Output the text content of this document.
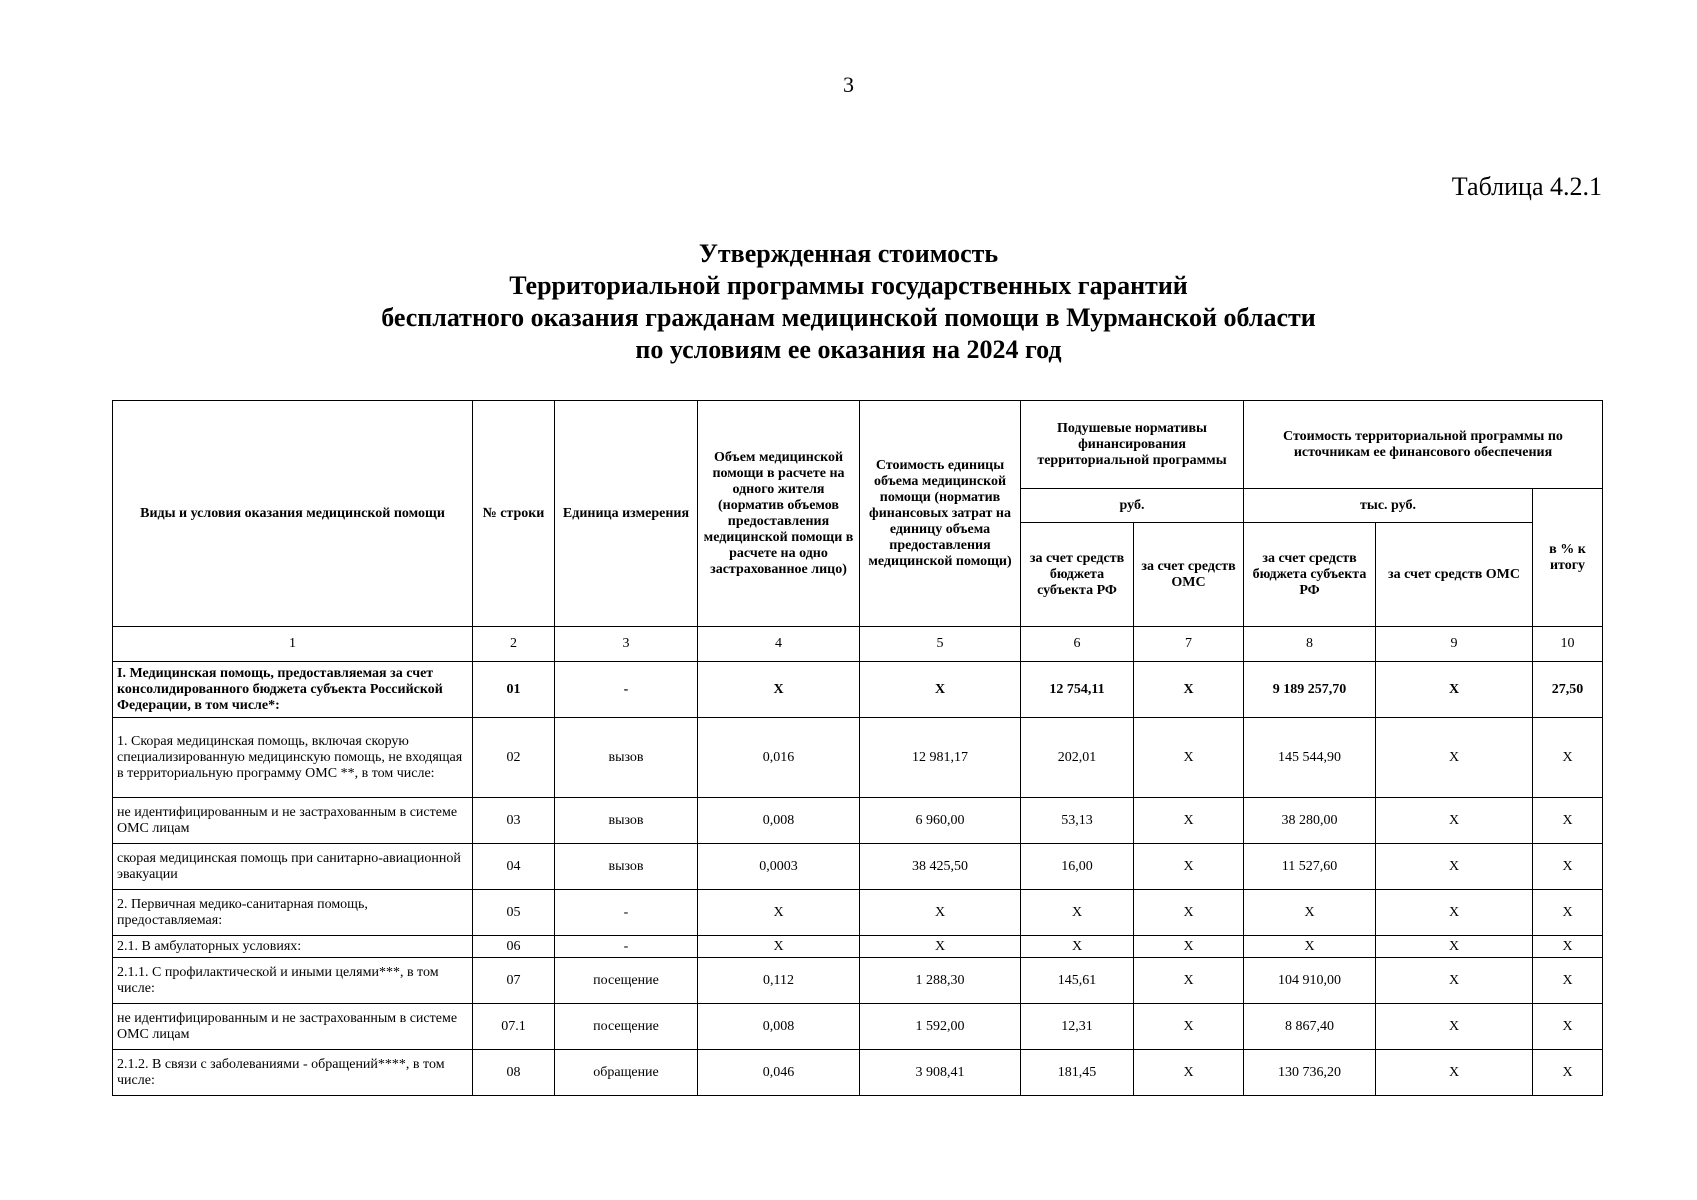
3
Таблица 4.2.1
Утвержденная стоимость
Территориальной программы государственных гарантий
бесплатного оказания гражданам медицинской помощи в Мурманской области
по условиям ее оказания на 2024 год
Виды и условия оказания медицинской помощи	№ строки	Единица измерения	Объем медицинской помощи в расчете на одного жителя (норматив объемов предоставления медицинской помощи в расчете на одно застрахованное лицо)	Стоимость единицы объема медицинской помощи (норматив финансовых затрат на единицу объема предоставления медицинской помощи)	Подушевые нормативы финансирования территориальной программы		Стоимость территориальной программы по источникам ее финансового обеспечения		
					руб.		тыс. руб.		в % к итогу
					за счет средств бюджета субъекта РФ	за счет средств ОМС	за счет средств бюджета субъекта РФ	за счет средств ОМС	
1	2	3	4	5	6	7	8	9	10
I. Медицинская помощь, предоставляемая за счет консолидированного бюджета субъекта Российской Федерации, в том числе*:	01	-	X	X	12 754,11	X	9 189 257,70	X	27,50
1. Скорая медицинская помощь, включая скорую специализированную медицинскую помощь, не входящая в территориальную программу ОМС **, в том числе:	02	вызов	0,016	12 981,17	202,01	X	145 544,90	X	X
не идентифицированным и не застрахованным в системе ОМС лицам	03	вызов	0,008	6 960,00	53,13	X	38 280,00	X	X
скорая медицинская помощь при санитарно-авиационной эвакуации	04	вызов	0,0003	38 425,50	16,00	X	11 527,60	X	X
2. Первичная медико-санитарная помощь, предоставляемая:	05	-	X	X	X	X	X	X	X
2.1. В амбулаторных условиях:	06	-	X	X	X	X	X	X	X
2.1.1. С профилактической и иными целями***, в том числе:	07	посещение	0,112	1 288,30	145,61	X	104 910,00	X	X
не идентифицированным и не застрахованным в системе ОМС лицам	07.1	посещение	0,008	1 592,00	12,31	X	8 867,40	X	X
2.1.2. В связи с заболеваниями - обращений****, в том числе:	08	обращение	0,046	3 908,41	181,45	X	130 736,20	X	X
